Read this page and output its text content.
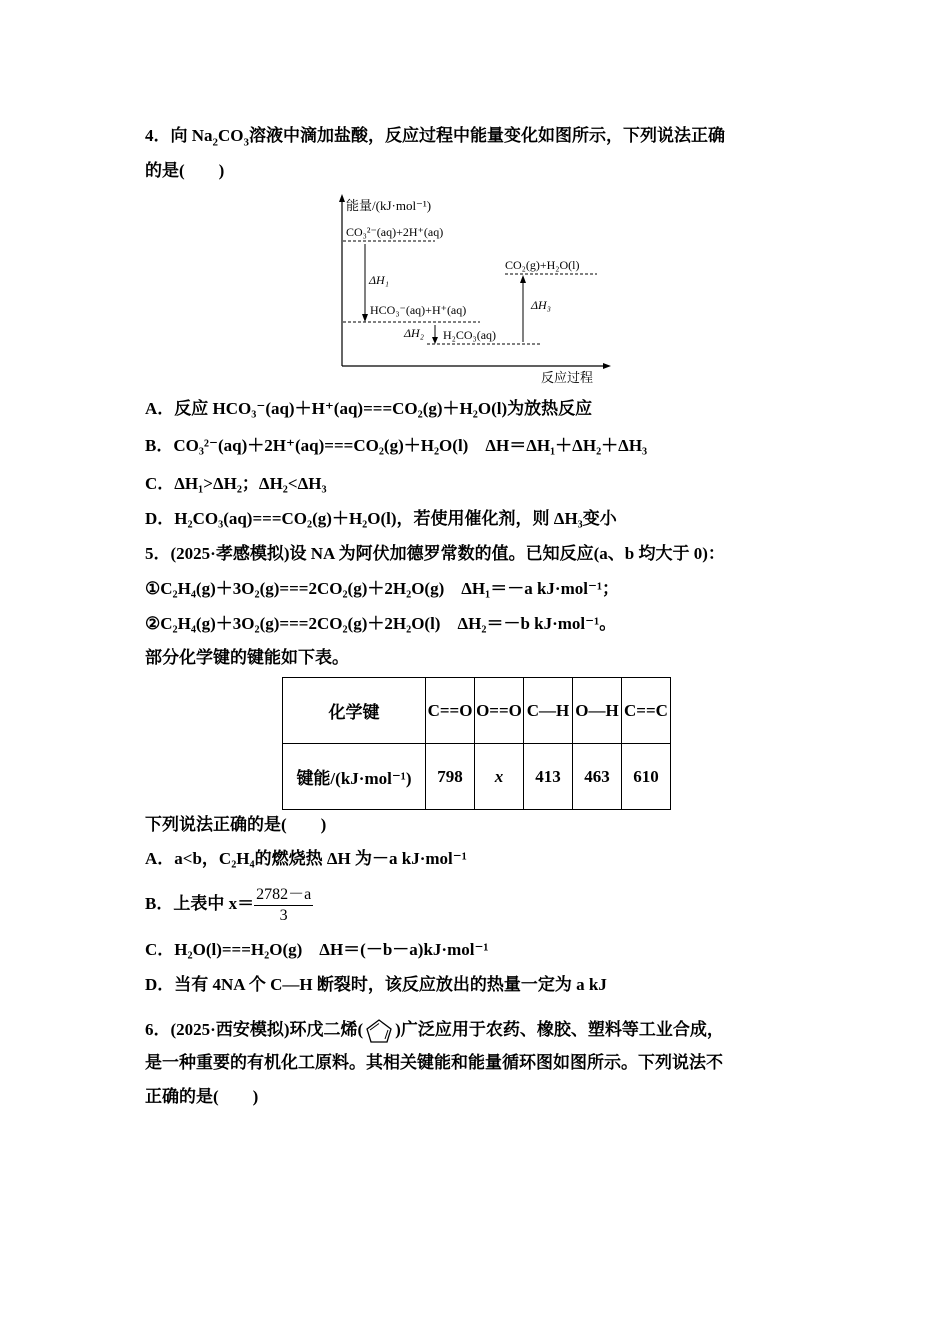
4．向 $Na_2CO_3$溶液中滴加盐酸，反应过程中能量变化如图所示，下列说法正确
的是(　　)
能量/(kJ·mol⁻¹)
反应过程
CO₃²⁻(aq)+2H⁺(aq)
HCO₃⁻(aq)+H⁺(aq)
H₂CO₃(aq)
CO₂(g)+H₂O(l)
ΔH₁
ΔH₂
ΔH₃
A．反应 HCO₃⁻(aq)＋H⁺(aq)===CO₂(g)＋H₂O(l)为放热反应
B．CO₃²⁻(aq)＋2H⁺(aq)===CO₂(g)＋H₂O(l)　ΔH＝ΔH₁＋ΔH₂＋ΔH₃
C．ΔH₁>ΔH₂；ΔH₂<ΔH₃
D．H₂CO₃(aq)===CO₂(g)＋H₂O(l)，若使用催化剂，则 ΔH₃变小
5．(2025·孝感模拟)设 NA 为阿伏加德罗常数的值。已知反应(a、b 均大于 0)：
①C₂H₄(g)＋3O₂(g)===2CO₂(g)＋2H₂O(g)　ΔH₁＝－a kJ·mol⁻¹；
②C₂H₄(g)＋3O₂(g)===2CO₂(g)＋2H₂O(l)　ΔH₂＝－b kJ·mol⁻¹。
部分化学键的键能如下表。
化学键	C==O	O==O	C—H	O—H	C==C
键能/(kJ·mol⁻¹)	798	x	413	463	610
下列说法正确的是(　　)
A．a<b，C₂H₄的燃烧热 ΔH 为－a kJ·mol⁻¹
B．上表中 $x= \frac{2782-a}{3}$
C．H₂O(l)===H₂O(g)　ΔH＝(－b－a)kJ·mol⁻¹
D．当有 4NA 个 C—H 断裂时，该反应放出的热量一定为 a kJ
6．(2025·西安模拟)环戊二烯( )广泛应用于农药、橡胶、塑料等工业合成，
是一种重要的有机化工原料。其相关键能和能量循环图如图所示。下列说法不
正确的是(　　)
